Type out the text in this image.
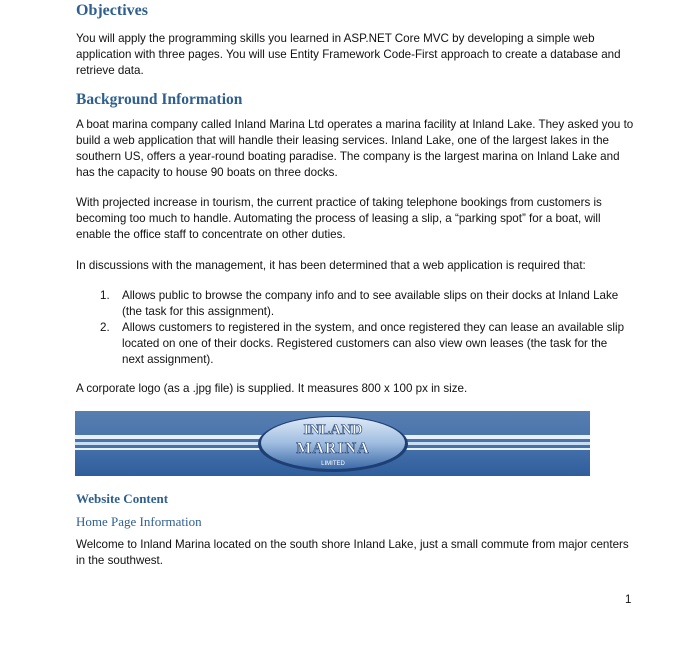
Objectives

You will apply the programming skills you learned in ASP.NET Core MVC by developing a simple web application with three pages. You will use Entity Framework Code-First approach to create a database and retrieve data.

Background Information

A boat marina company called Inland Marina Ltd operates a marina facility at Inland Lake. They asked you to build a web application that will handle their leasing services. Inland Lake, one of the largest lakes in the southern US, offers a year-round boating paradise. The company is the largest marina on Inland Lake and has the capacity to house 90 boats on three docks.

With projected increase in tourism, the current practice of taking telephone bookings from customers is becoming too much to handle. Automating the process of leasing a slip, a “parking spot” for a boat, will enable the office staff to concentrate on other duties.

In discussions with the management, it has been determined that a web application is required that:

1. Allows public to browse the company info and to see available slips on their docks at Inland Lake (the task for this assignment).
2. Allows customers to registered in the system, and once registered they can lease an available slip located on one of their docks. Registered customers can also view own leases (the task for the next assignment).

A corporate logo (as a .jpg file) is supplied. It measures 800 x 100 px in size.

INLAND
MARINA
LIMITED
Website Content
Home Page Information

Welcome to Inland Marina located on the south shore Inland Lake, just a small commute from major centers in the southwest.

1
